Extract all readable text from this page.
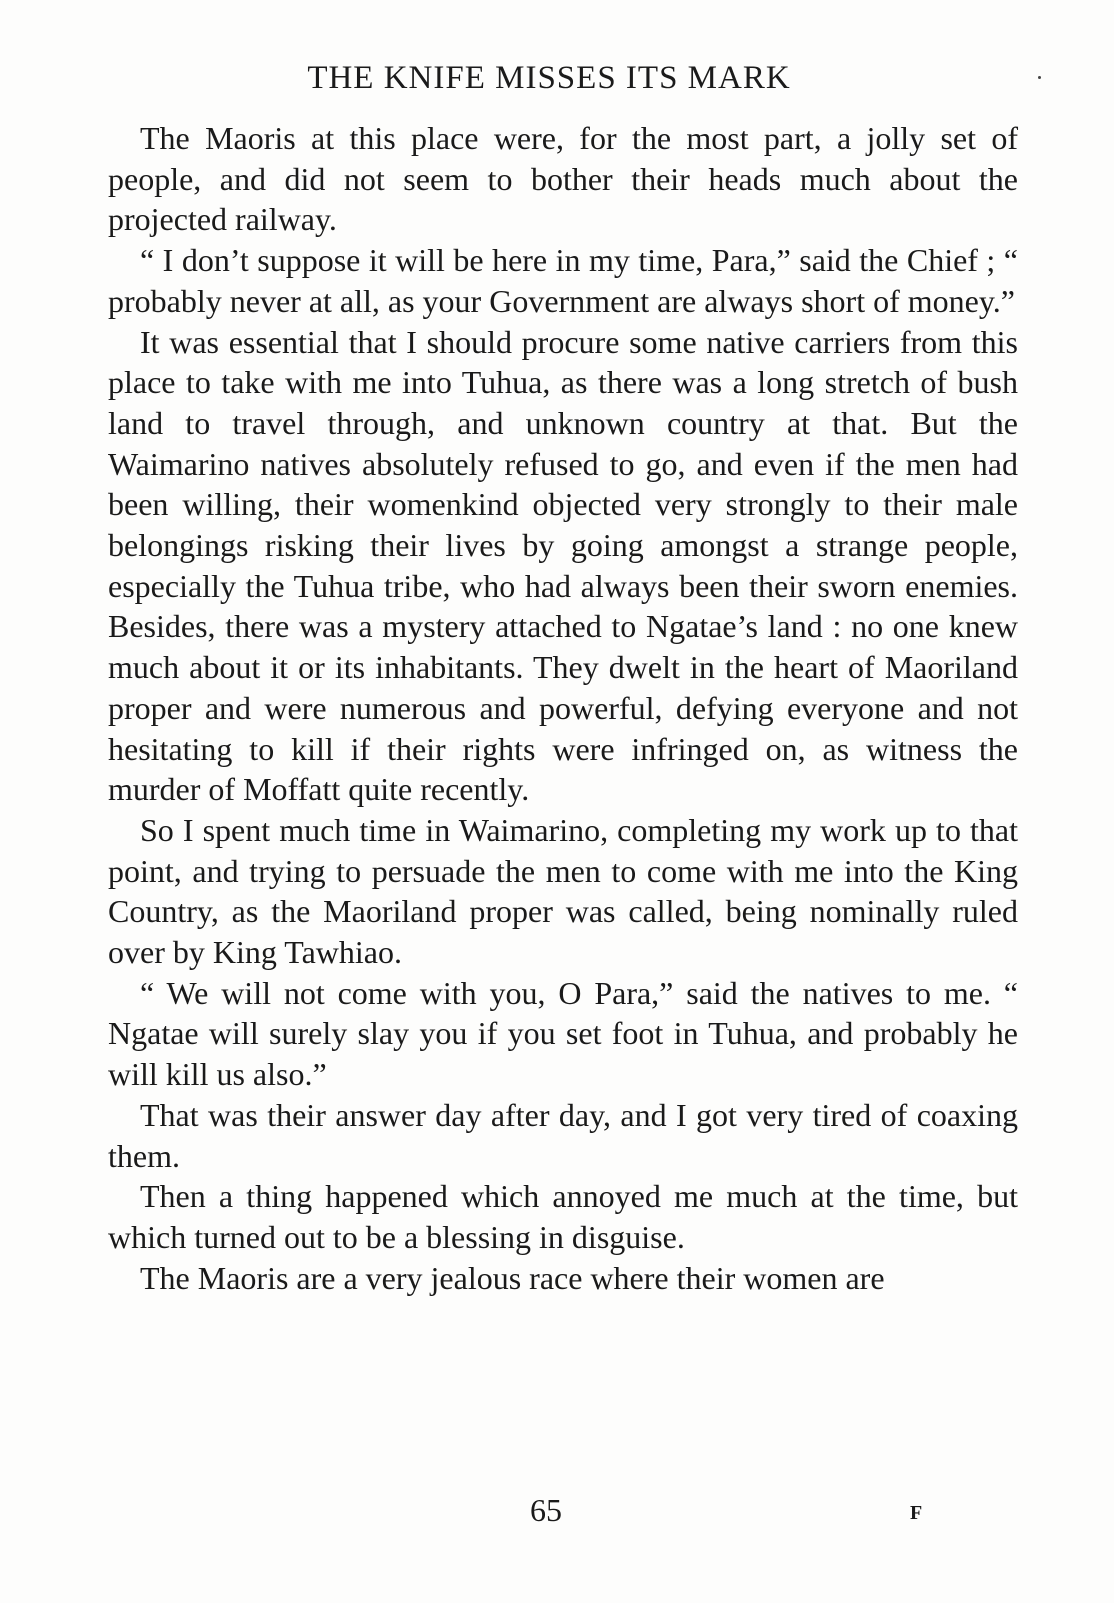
THE KNIFE MISSES ITS MARK

The Maoris at this place were, for the most part, a jolly set of people, and did not seem to bother their heads much about the projected railway.

“ I don’t suppose it will be here in my time, Para,” said the Chief ; “ probably never at all, as your Government are always short of money.”

It was essential that I should procure some native carriers from this place to take with me into Tuhua, as there was a long stretch of bush land to travel through, and unknown country at that. But the Waimarino natives absolutely refused to go, and even if the men had been willing, their womenkind objected very strongly to their male belongings risking their lives by going amongst a strange people, especially the Tuhua tribe, who had always been their sworn enemies. Besides, there was a mystery attached to Ngatae’s land : no one knew much about it or its inhabitants. They dwelt in the heart of Maoriland proper and were numerous and powerful, defying everyone and not hesitating to kill if their rights were infringed on, as witness the murder of Moffatt quite recently.

So I spent much time in Waimarino, completing my work up to that point, and trying to persuade the men to come with me into the King Country, as the Maoriland proper was called, being nominally ruled over by King Tawhiao.

“ We will not come with you, O Para,” said the natives to me. “ Ngatae will surely slay you if you set foot in Tuhua, and probably he will kill us also.”

That was their answer day after day, and I got very tired of coaxing them.

Then a thing happened which annoyed me much at the time, but which turned out to be a blessing in disguise.

The Maoris are a very jealous race where their women are

65	F
